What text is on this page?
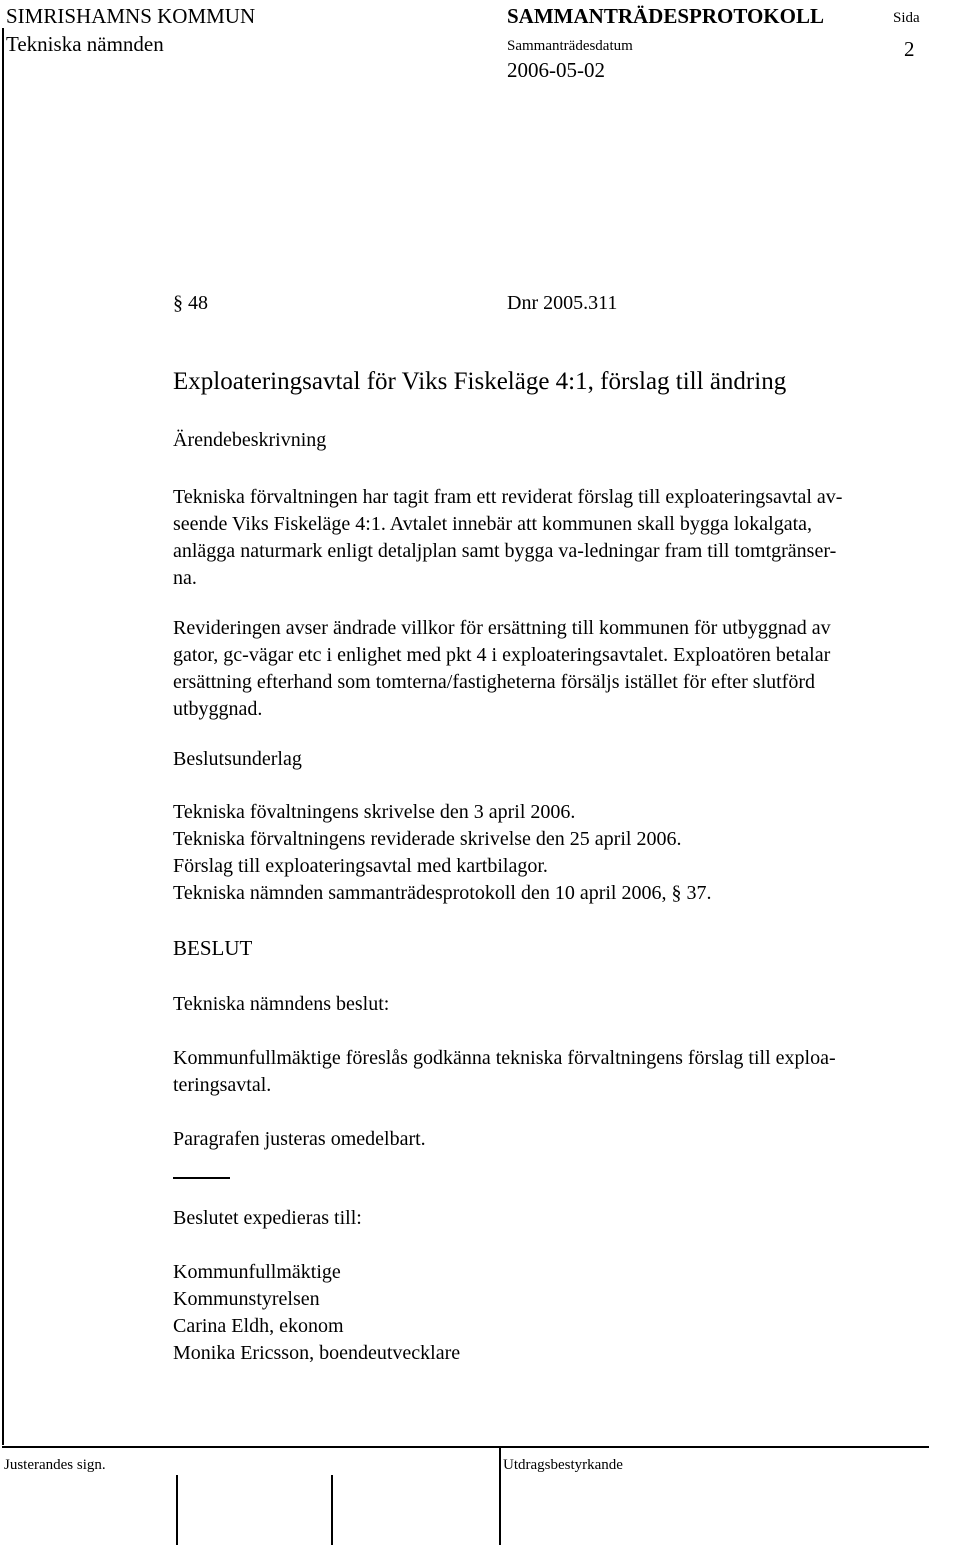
SIMRISHAMNS KOMMUN
Tekniska nämnden
SAMMANTRÄDESPROTOKOLL
Sammanträdesdatum
2006-05-02
Sida
2
§ 48	Dnr 2005.311
Exploateringsavtal för Viks Fiskeläge 4:1, förslag till ändring
Ärendebeskrivning
Tekniska förvaltningen har tagit fram ett reviderat förslag till exploateringsavtal av-
seende Viks Fiskeläge 4:1. Avtalet innebär att kommunen skall bygga lokalgata,
anlägga naturmark enligt detaljplan samt bygga va-ledningar fram till tomtgränser-
na.
Revideringen avser ändrade villkor för ersättning till kommunen för utbyggnad av
gator, gc-vägar etc i enlighet med pkt 4 i exploateringsavtalet. Exploatören betalar
ersättning efterhand som tomterna/fastigheterna försäljs istället för efter slutförd
utbyggnad.
Beslutsunderlag
Tekniska fövaltningens skrivelse den 3 april 2006.
Tekniska förvaltningens reviderade skrivelse den 25 april 2006.
Förslag till exploateringsavtal med kartbilagor.
Tekniska nämnden sammanträdesprotokoll den 10 april 2006, § 37.
BESLUT
Tekniska nämndens beslut:
Kommunfullmäktige föreslås godkänna tekniska förvaltningens förslag till exploa-
teringsavtal.
Paragrafen justeras omedelbart.
Beslutet expedieras till:
Kommunfullmäktige
Kommunstyrelsen
Carina Eldh, ekonom
Monika Ericsson, boendeutvecklare
Justerandes sign.	Utdragsbestyrkande
